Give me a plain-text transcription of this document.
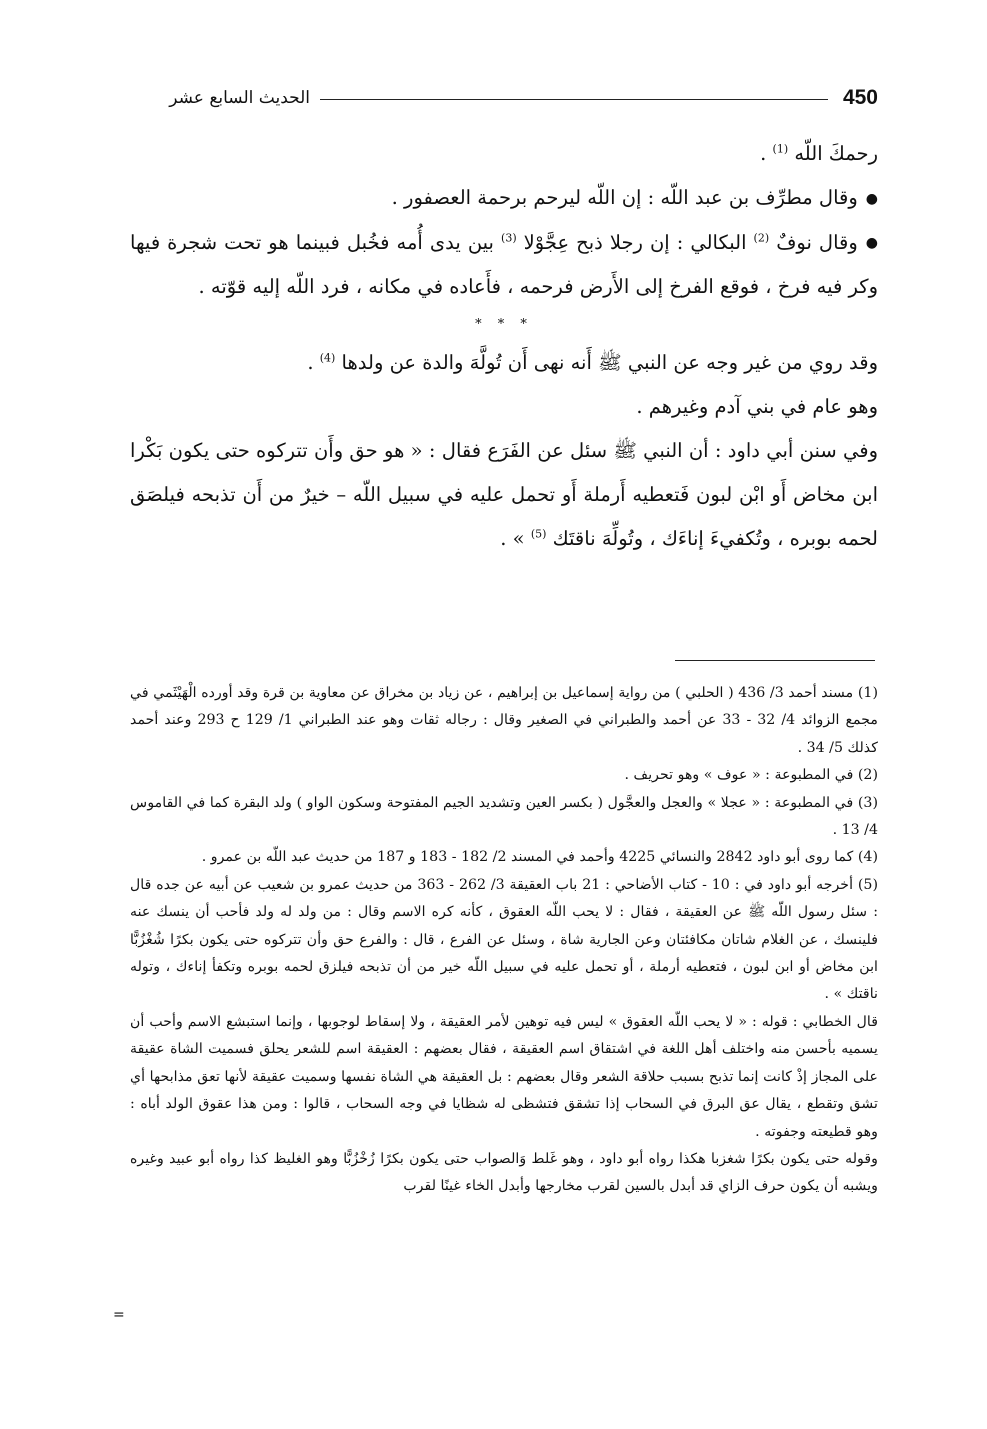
الحديث السابع عشر	450

رحمكَ اللّه $^{(1)}$ .

●وقال مطرِّف بن عبد اللّه : إن اللّه ليرحم برحمة العصفور .

●وقال نوفٌ $^{(2)}$ البكالي : إن رجلا ذبح عِجَّوْلا $^{(3)}$ بين يدى أُمه فخُبل فبينما هو تحت شجرة فيها وكر فيه فرخ ، فوقع الفرخ إلى الأَرض فرحمه ، فأَعاده في مكانه ، فرد اللّه إليه قوّته .

* * *

وقد روي من غير وجه عن النبي ﷺ أَنه نهى أَن تُولَّهَ والدة عن ولدها $^{(4)}$ .

وهو عام في بني آدم وغيرهم .

وفي سنن أبي داود : أن النبي ﷺ سئل عن الفَرَع فقال : « هو حق وأَن تتركوه حتى يكون بَكْرا ابن مخاض أَو ابْن لبون فَتعطيه أَرملة أَو تحمل عليه في سبيل اللّه – خيرٌ من أَن تذبحه فيلصَق لحمه بوبره ، وتُكفيءَ إناءَك ، وتُولِّهَ ناقتَك $^{(5)}$ » .

(1) مسند أحمد 3/ 436 ( الحلبي ) من رواية إسماعيل بن إبراهيم ، عن زياد بن مخراق عن معاوية بن قرة وقد أورده الْهَيْثَمي في مجمع الزوائد 4/ 32 - 33 عن أحمد والطبراني في الصغير وقال : رجاله ثقات وهو عند الطبراني 1/ 129 ح 293 وعند أحمد كذلك 5/ 34 .

(2) في المطبوعة : « عوف » وهو تحريف .

(3) في المطبوعة : « عجلا » والعجل والعجَّول ( بكسر العين وتشديد الجيم المفتوحة وسكون الواو ) ولد البقرة كما في القاموس 4/ 13 .

(4) كما روى أبو داود 2842 والنسائي 4225 وأحمد في المسند 2/ 182 - 183 و 187 من حديث عبد اللّه بن عمرو .

(5) أخرجه أبو داود في : 10 - كتاب الأضاحي : 21 باب العقيقة 3/ 262 - 363 من حديث عمرو بن شعيب عن أبيه عن جده قال : سئل رسول اللّه ﷺ عن العقيقة ، فقال : لا يحب اللّه العقوق ، كأنه كره الاسم وقال : من ولد له ولد فأحب أن ينسك عنه فلينسك ، عن الغلام شاتان مكافئتان وعن الجارية شاة ، وسئل عن الفرع ، قال : والفرع حق وأن تتركوه حتى يكون بكرًا شُغْزُبًّا ابن مخاض أو ابن لبون ، فتعطيه أرملة ، أو تحمل عليه في سبيل اللّه خير من أن تذبحه فيلزق لحمه بوبره وتكفأ إناءك ، وتوله ناقتك » .

قال الخطابي : قوله : « لا يحب اللّه العقوق » ليس فيه توهين لأمر العقيقة ، ولا إسقاط لوجوبها ، وإنما استبشع الاسم وأحب أن يسميه بأحسن منه واختلف أهل اللغة في اشتقاق اسم العقيقة ، فقال بعضهم : العقيقة اسم للشعر يحلق فسميت الشاة عقيقة على المجاز إذْ كانت إنما تذبح بسبب حلاقة الشعر وقال بعضهم : بل العقيقة هي الشاة نفسها وسميت عقيقة لأنها تعق مذابحها أي تشق وتقطع ، يقال عق البرق في السحاب إذا تشقق فتشظى له شظايا في وجه السحاب ، قالوا : ومن هذا عقوق الولد أباه : وهو قطيعته وجفوته .

وقوله حتى يكون بكرًا شغزبا هكذا رواه أبو داود ، وهو غَلط وَالصواب حتى يكون بكرًا زُخْزُبًّا وهو الغليظ كذا رواه أبو عبيد وغيره ويشبه أن يكون حرف الزاي قد أبدل بالسين لقرب مخارجها وأبدل الخاء غينًا لقرب

=
